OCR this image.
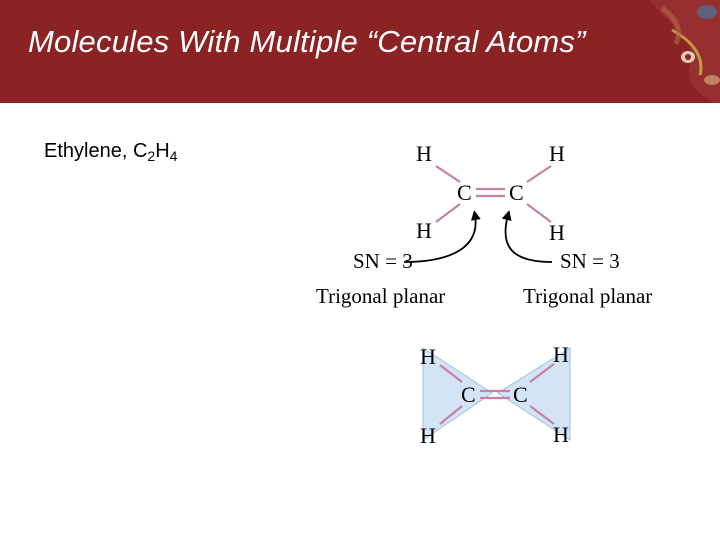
Molecules With Multiple “Central Atoms”
Ethylene, $C_2H_4$	H	H
C C
H	H
SN = 3	SN = 3
Trigonal planar	Trigonal planar
H	H
C C
H	H
